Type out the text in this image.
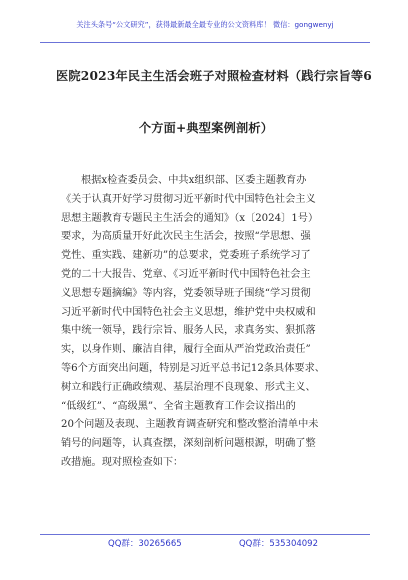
关注头条号“公文研究”，获得最新最全最专业的公文资料库！ 微信：gongwenyj
医院2023年民主生活会班子对照检查材料（践行宗旨等6
个方面+典型案例剖析）
根据x检查委员会、中共x组织部、区委主题教育办
《关于认真开好学习贯彻习近平新时代中国特色社会主义
思想主题教育专题民主生活会的通知》（x〔2024〕1号）
要求，为高质量开好此次民主生活会，按照“学思想、强
党性、重实践、建新功”的总要求，党委班子系统学习了
党的二十大报告、党章、《习近平新时代中国特色社会主
义思想专题摘编》等内容，党委领导班子围绕“学习贯彻
习近平新时代中国特色社会主义思想，维护党中央权威和
集中统一领导，践行宗旨、服务人民，求真务实、狠抓落
实，以身作则、廉洁自律，履行全面从严治党政治责任”
等6个方面突出问题，特别是习近平总书记12条具体要求、
树立和践行正确政绩观、基层治理不良现象、形式主义、
“低级红”、“高级黑”、全省主题教育工作会议指出的
20个问题及表现、主题教育调查研究和整改整治清单中未
销号的问题等，认真查摆，深刻剖析问题根源，明确了整
改措施。现对照检查如下：
QQ群：30265665	QQ群：535304092
